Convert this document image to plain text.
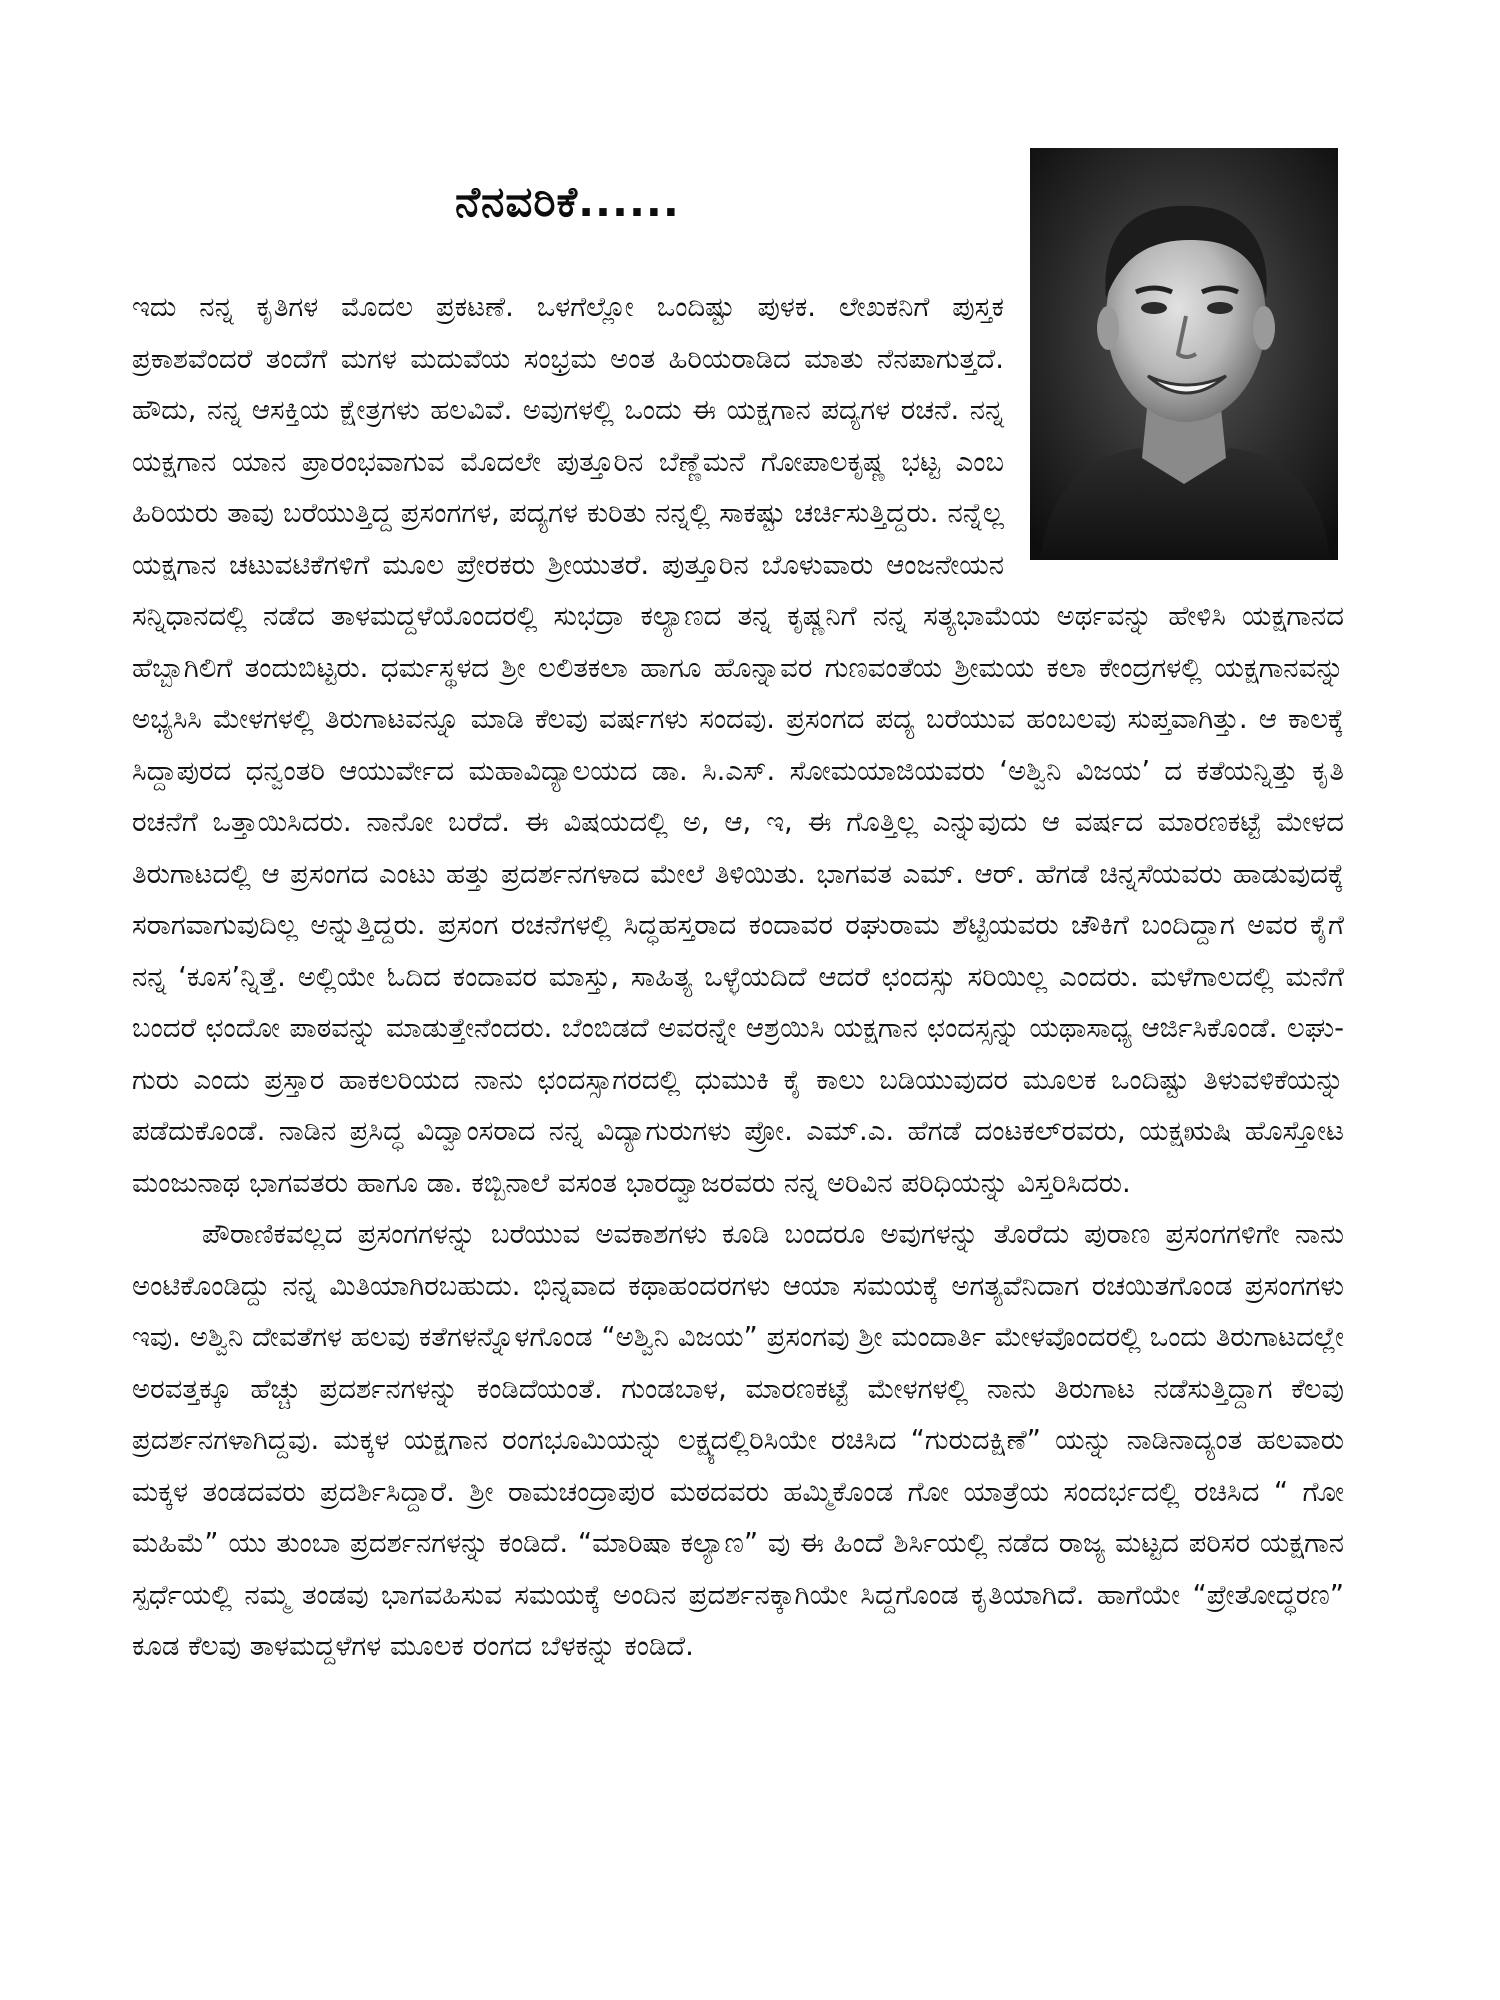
ನೆನವರಿಕೆ......

ಇದು ನನ್ನ ಕೃತಿಗಳ ಮೊದಲ ಪ್ರಕಟಣೆ. ಒಳಗೆಲ್ಲೋ ಒಂದಿಷ್ಟು ಪುಳಕ. ಲೇಖಕನಿಗೆ ಪುಸ್ತಕ ಪ್ರಕಾಶವೆಂದರೆ ತಂದೆಗೆ ಮಗಳ ಮದುವೆಯ ಸಂಭ್ರಮ ಅಂತ ಹಿರಿಯರಾಡಿದ ಮಾತು ನೆನಪಾಗುತ್ತದೆ. ಹೌದು, ನನ್ನ ಆಸಕ್ತಿಯ ಕ್ಷೇತ್ರಗಳು ಹಲವಿವೆ. ಅವುಗಳಲ್ಲಿ ಒಂದು ಈ ಯಕ್ಷಗಾನ ಪದ್ಯಗಳ ರಚನೆ. ನನ್ನ ಯಕ್ಷಗಾನ ಯಾನ ಪ್ರಾರಂಭವಾಗುವ ಮೊದಲೇ ಪುತ್ತೂರಿನ ಬೆಣ್ಣೆಮನೆ ಗೋಪಾಲಕೃಷ್ಣ ಭಟ್ಟ ಎಂಬ ಹಿರಿಯರು ತಾವು ಬರೆಯುತ್ತಿದ್ದ ಪ್ರಸಂಗಗಳ, ಪದ್ಯಗಳ ಕುರಿತು ನನ್ನಲ್ಲಿ ಸಾಕಷ್ಟು ಚರ್ಚಿಸುತ್ತಿದ್ದರು. ನನ್ನೆಲ್ಲ ಯಕ್ಷಗಾನ ಚಟುವಟಿಕೆಗಳಿಗೆ ಮೂಲ ಪ್ರೇರಕರು ಶ್ರೀಯುತರೆ. ಪುತ್ತೂರಿನ ಬೊಳುವಾರು ಆಂಜನೇಯನ ಸನ್ನಿಧಾನದಲ್ಲಿ ನಡೆದ ತಾಳಮದ್ದಳೆಯೊಂದರಲ್ಲಿ ಸುಭದ್ರಾ ಕಲ್ಯಾಣದ ತನ್ನ ಕೃಷ್ಣನಿಗೆ ನನ್ನ ಸತ್ಯಭಾಮೆಯ ಅರ್ಥವನ್ನು ಹೇಳಿಸಿ ಯಕ್ಷಗಾನದ ಹೆಬ್ಬಾಗಿಲಿಗೆ ತಂದುಬಿಟ್ಟರು. ಧರ್ಮಸ್ಥಳದ ಶ್ರೀ ಲಲಿತಕಲಾ ಹಾಗೂ ಹೊನ್ನಾವರ ಗುಣವಂತೆಯ ಶ್ರೀಮಯ ಕಲಾ ಕೇಂದ್ರಗಳಲ್ಲಿ ಯಕ್ಷಗಾನವನ್ನು ಅಭ್ಯಸಿಸಿ ಮೇಳಗಳಲ್ಲಿ ತಿರುಗಾಟವನ್ನೂ ಮಾಡಿ ಕೆಲವು ವರ್ಷಗಳು ಸಂದವು. ಪ್ರಸಂಗದ ಪದ್ಯ ಬರೆಯುವ ಹಂಬಲವು ಸುಪ್ತವಾಗಿತ್ತು. ಆ ಕಾಲಕ್ಕೆ ಸಿದ್ದಾಪುರದ ಧನ್ವಂತರಿ ಆಯುರ್ವೇದ ಮಹಾವಿದ್ಯಾಲಯದ ಡಾ. ಸಿ.ಎಸ್. ಸೋಮಯಾಜಿಯವರು ‘ಅಶ್ವಿನಿ ವಿಜಯ’ ದ ಕತೆಯನ್ನಿತ್ತು ಕೃತಿ ರಚನೆಗೆ ಒತ್ತಾಯಿಸಿದರು. ನಾನೋ ಬರೆದೆ. ಈ ವಿಷಯದಲ್ಲಿ ಅ, ಆ, ಇ, ಈ ಗೊತ್ತಿಲ್ಲ ಎನ್ನುವುದು ಆ ವರ್ಷದ ಮಾರಣಕಟ್ಟೆ ಮೇಳದ ತಿರುಗಾಟದಲ್ಲಿ ಆ ಪ್ರಸಂಗದ ಎಂಟು ಹತ್ತು ಪ್ರದರ್ಶನಗಳಾದ ಮೇಲೆ ತಿಳಿಯಿತು. ಭಾಗವತ ಎಮ್. ಆರ್. ಹೆಗಡೆ ಚಿನ್ನಸೆಯವರು ಹಾಡುವುದಕ್ಕೆ ಸರಾಗವಾಗುವುದಿಲ್ಲ ಅನ್ನುತ್ತಿದ್ದರು. ಪ್ರಸಂಗ ರಚನೆಗಳಲ್ಲಿ ಸಿದ್ಧಹಸ್ತರಾದ ಕಂದಾವರ ರಘುರಾಮ ಶೆಟ್ಟಿಯವರು ಚೌಕಿಗೆ ಬಂದಿದ್ದಾಗ ಅವರ ಕೈಗೆ ನನ್ನ ‘ಕೂಸ’ನ್ನಿತ್ತೆ. ಅಲ್ಲಿಯೇ ಓದಿದ ಕಂದಾವರ ಮಾಸ್ತು, ಸಾಹಿತ್ಯ ಒಳ್ಳೆಯದಿದೆ ಆದರೆ ಛಂದಸ್ಸು ಸರಿಯಿಲ್ಲ ಎಂದರು. ಮಳೆಗಾಲದಲ್ಲಿ ಮನೆಗೆ ಬಂದರೆ ಛಂದೋ ಪಾಠವನ್ನು ಮಾಡುತ್ತೇನೆಂದರು. ಬೆಂಬಿಡದೆ ಅವರನ್ನೇ ಆಶ್ರಯಿಸಿ ಯಕ್ಷಗಾನ ಛಂದಸ್ಸನ್ನು ಯಥಾಸಾಧ್ಯ ಆರ್ಜಿಸಿಕೊಂಡೆ. ಲಘು-ಗುರು ಎಂದು ಪ್ರಸ್ತಾರ ಹಾಕಲರಿಯದ ನಾನು ಛಂದಸ್ಸಾಗರದಲ್ಲಿ ಧುಮುಕಿ ಕೈ ಕಾಲು ಬಡಿಯುವುದರ ಮೂಲಕ ಒಂದಿಷ್ಟು ತಿಳುವಳಿಕೆಯನ್ನು ಪಡೆದುಕೊಂಡೆ. ನಾಡಿನ ಪ್ರಸಿದ್ಧ ವಿದ್ವಾಂಸರಾದ ನನ್ನ ವಿದ್ಯಾಗುರುಗಳು ಪ್ರೋ. ಎಮ್.ಎ. ಹೆಗಡೆ ದಂಟಕಲ್‌ರವರು, ಯಕ್ಷಋಷಿ ಹೊಸ್ತೋಟ ಮಂಜುನಾಥ ಭಾಗವತರು ಹಾಗೂ ಡಾ. ಕಬ್ಬಿನಾಲೆ ವಸಂತ ಭಾರದ್ವಾಜರವರು ನನ್ನ ಅರಿವಿನ ಪರಿಧಿಯನ್ನು ವಿಸ್ತರಿಸಿದರು.

ಪೌರಾಣಿಕವಲ್ಲದ ಪ್ರಸಂಗಗಳನ್ನು ಬರೆಯುವ ಅವಕಾಶಗಳು ಕೂಡಿ ಬಂದರೂ ಅವುಗಳನ್ನು ತೊರೆದು ಪುರಾಣ ಪ್ರಸಂಗಗಳಿಗೇ ನಾನು ಅಂಟಿಕೊಂಡಿದ್ದು ನನ್ನ ಮಿತಿಯಾಗಿರಬಹುದು. ಭಿನ್ನವಾದ ಕಥಾಹಂದರಗಳು ಆಯಾ ಸಮಯಕ್ಕೆ ಅಗತ್ಯವೆನಿದಾಗ ರಚಯಿತಗೊಂಡ ಪ್ರಸಂಗಗಳು ಇವು. ಅಶ್ವಿನಿ ದೇವತೆಗಳ ಹಲವು ಕತೆಗಳನ್ನೊಳಗೊಂಡ “ಅಶ್ವಿನಿ ವಿಜಯ” ಪ್ರಸಂಗವು ಶ್ರೀ ಮಂದಾರ್ತಿ ಮೇಳವೊಂದರಲ್ಲಿ ಒಂದು ತಿರುಗಾಟದಲ್ಲೇ ಅರವತ್ತಕ್ಕೂ ಹೆಚ್ಚು ಪ್ರದರ್ಶನಗಳನ್ನು ಕಂಡಿದೆಯಂತೆ. ಗುಂಡಬಾಳ, ಮಾರಣಕಟ್ಟೆ ಮೇಳಗಳಲ್ಲಿ ನಾನು ತಿರುಗಾಟ ನಡೆಸುತ್ತಿದ್ದಾಗ ಕೆಲವು ಪ್ರದರ್ಶನಗಳಾಗಿದ್ದವು. ಮಕ್ಕಳ ಯಕ್ಷಗಾನ ರಂಗಭೂಮಿಯನ್ನು ಲಕ್ಷ್ಯದಲ್ಲಿರಿಸಿಯೇ ರಚಿಸಿದ “ಗುರುದಕ್ಷಿಣೆ” ಯನ್ನು ನಾಡಿನಾದ್ಯಂತ ಹಲವಾರು ಮಕ್ಕಳ ತಂಡದವರು ಪ್ರದರ್ಶಿಸಿದ್ದಾರೆ. ಶ್ರೀ ರಾಮಚಂದ್ರಾಪುರ ಮಠದವರು ಹಮ್ಮಿಕೊಂಡ ಗೋ ಯಾತ್ರೆಯ ಸಂದರ್ಭದಲ್ಲಿ ರಚಿಸಿದ “ ಗೋ ಮಹಿಮೆ” ಯು ತುಂಬಾ ಪ್ರದರ್ಶನಗಳನ್ನು ಕಂಡಿದೆ. “ಮಾರಿಷಾ ಕಲ್ಯಾಣ” ವು ಈ ಹಿಂದೆ ಶಿರ್ಸಿಯಲ್ಲಿ ನಡೆದ ರಾಜ್ಯ ಮಟ್ಟದ ಪರಿಸರ ಯಕ್ಷಗಾನ ಸ್ಪರ್ಧೆಯಲ್ಲಿ ನಮ್ಮ ತಂಡವು ಭಾಗವಹಿಸುವ ಸಮಯಕ್ಕೆ ಅಂದಿನ ಪ್ರದರ್ಶನಕ್ಕಾಗಿಯೇ ಸಿದ್ದಗೊಂಡ ಕೃತಿಯಾಗಿದೆ. ಹಾಗೆಯೇ “ಪ್ರೇತೋದ್ಧರಣ” ಕೂಡ ಕೆಲವು ತಾಳಮದ್ದಳೆಗಳ ಮೂಲಕ ರಂಗದ ಬೆಳಕನ್ನು ಕಂಡಿದೆ.
